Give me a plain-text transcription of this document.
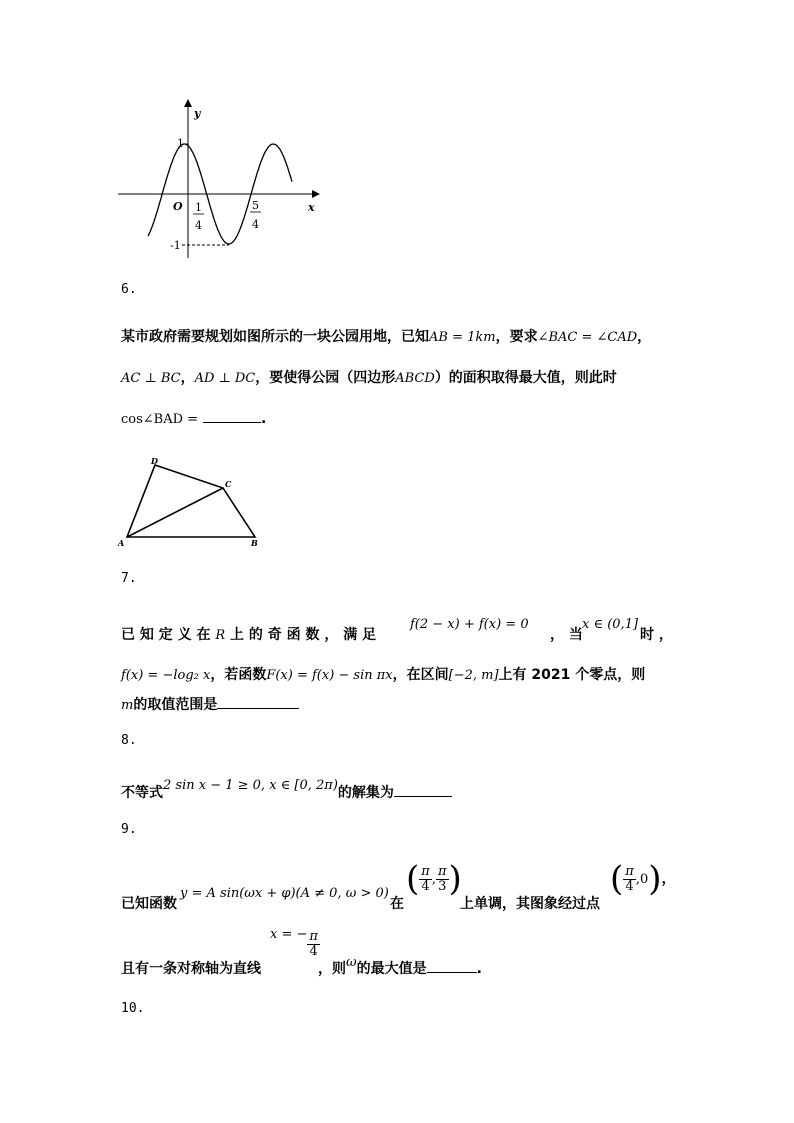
y
x
O
1
-1
1
4
5
4
6.
某市政府需要规划如图所示的一块公园用地，已知AB = 1km，要求∠BAC = ∠CAD，
AC ⊥ BC，AD ⊥ DC，要使得公园（四边形ABCD）的面积取得最大值，则此时
cos∠BAD =	.
A	B
C
D
7.
已 知 定 义 在 R 上 的 奇 函 数 ， 满 足
f(2 − x) + f(x) = 0
， 当
x ∈ (0,1]
时 ，
f(x) = −log₂ x，若函数F(x) = f(x) − sin πx，在区间[−2, m]上有 2021 个零点，则
m的取值范围是
8.
不等式2 sin x − 1 ≥ 0, x ∈ [0, 2π)的解集为
9.
已知函数
y = A sin(ωx + φ)(A ≠ 0, ω > 0)
在
( $\frac{\pi}{4}$ , $\frac{\pi}{3}$ )
上单调，其图象经过点
( $\frac{\pi}{4} ,0$)，
且有一条对称轴为直线
x = − $\frac{\pi}{4}$
，则ω的最大值是	.
10.
